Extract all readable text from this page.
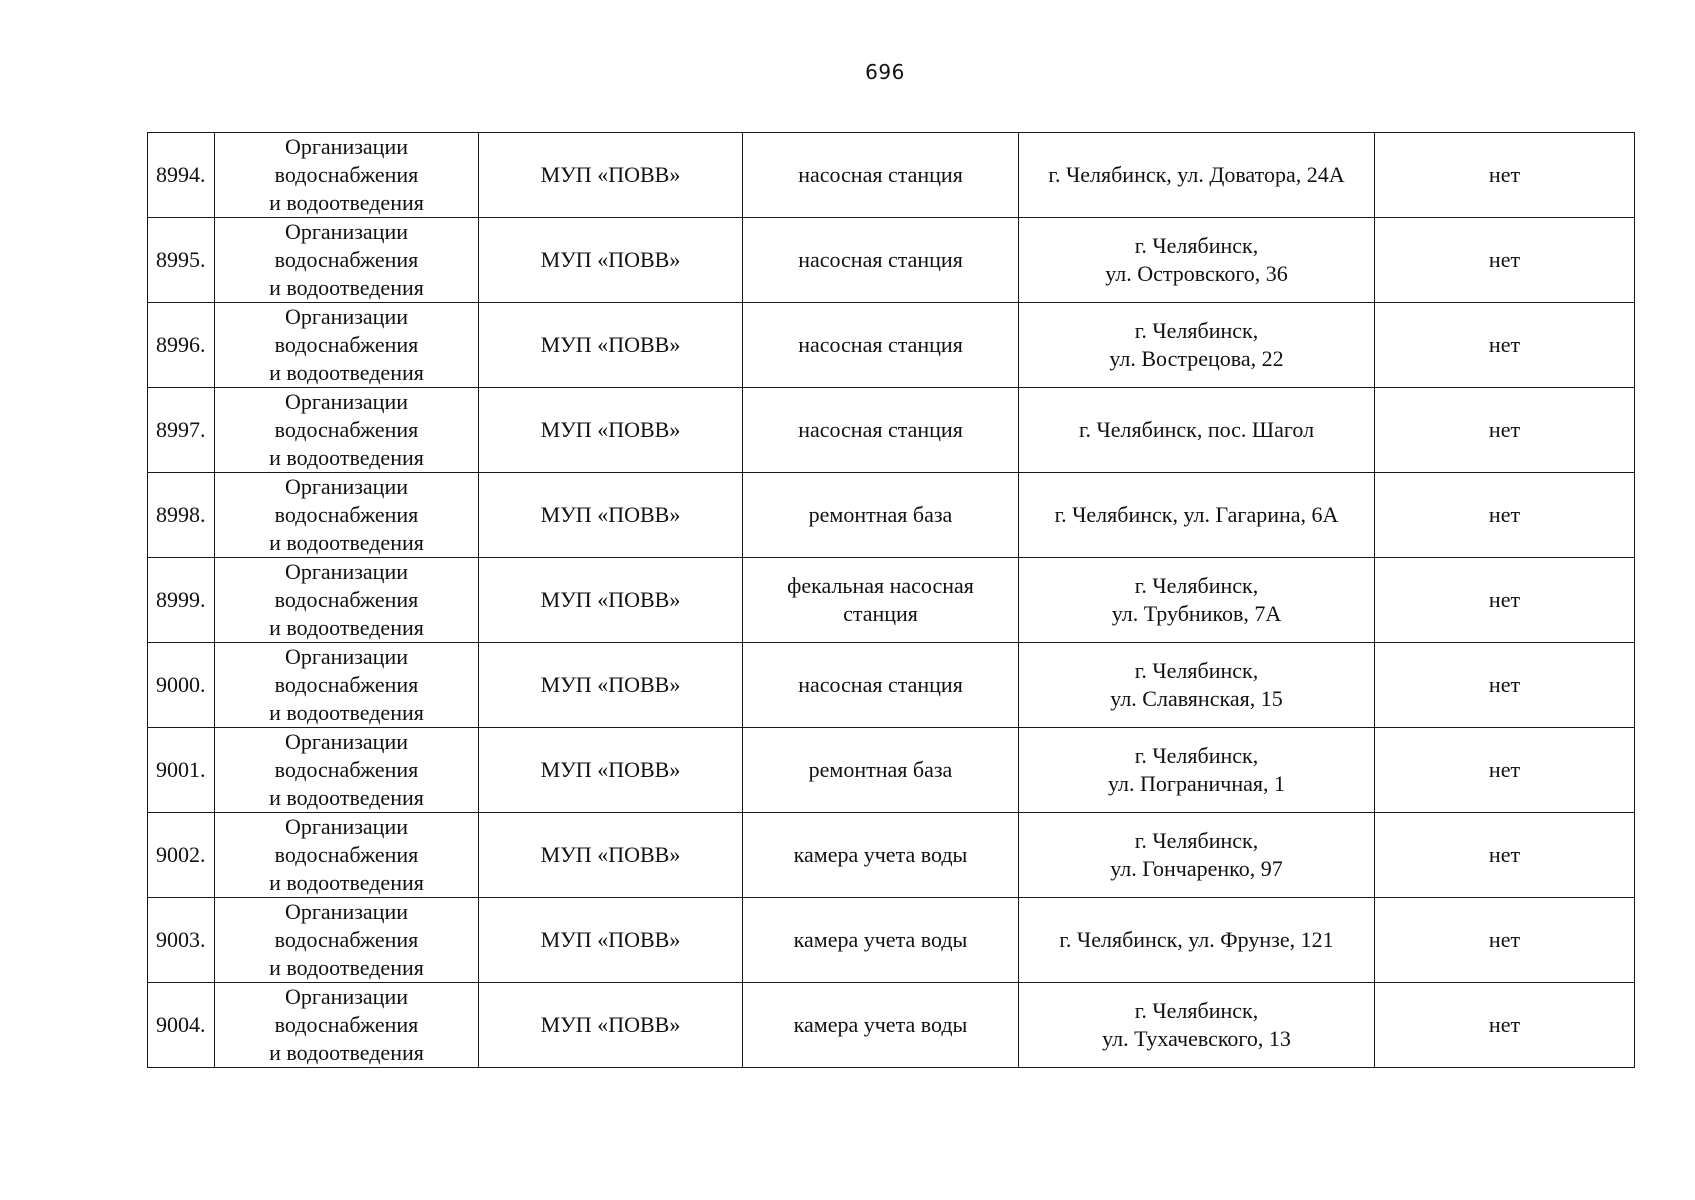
696
8994.	Организации
водоснабжения
и водоотведения	МУП «ПОВВ»	насосная станция	г. Челябинск, ул. Доватора, 24А	нет
8995.	Организации
водоснабжения
и водоотведения	МУП «ПОВВ»	насосная станция	г. Челябинск,
ул. Островского, 36	нет
8996.	Организации
водоснабжения
и водоотведения	МУП «ПОВВ»	насосная станция	г. Челябинск,
ул. Вострецова, 22	нет
8997.	Организации
водоснабжения
и водоотведения	МУП «ПОВВ»	насосная станция	г. Челябинск, пос. Шагол	нет
8998.	Организации
водоснабжения
и водоотведения	МУП «ПОВВ»	ремонтная база	г. Челябинск, ул. Гагарина, 6А	нет
8999.	Организации
водоснабжения
и водоотведения	МУП «ПОВВ»	фекальная насосная
станция	г. Челябинск,
ул. Трубников, 7А	нет
9000.	Организации
водоснабжения
и водоотведения	МУП «ПОВВ»	насосная станция	г. Челябинск,
ул. Славянская, 15	нет
9001.	Организации
водоснабжения
и водоотведения	МУП «ПОВВ»	ремонтная база	г. Челябинск,
ул. Пограничная, 1	нет
9002.	Организации
водоснабжения
и водоотведения	МУП «ПОВВ»	камера учета воды	г. Челябинск,
ул. Гончаренко, 97	нет
9003.	Организации
водоснабжения
и водоотведения	МУП «ПОВВ»	камера учета воды	г. Челябинск, ул. Фрунзе, 121	нет
9004.	Организации
водоснабжения
и водоотведения	МУП «ПОВВ»	камера учета воды	г. Челябинск,
ул. Тухачевского, 13	нет
